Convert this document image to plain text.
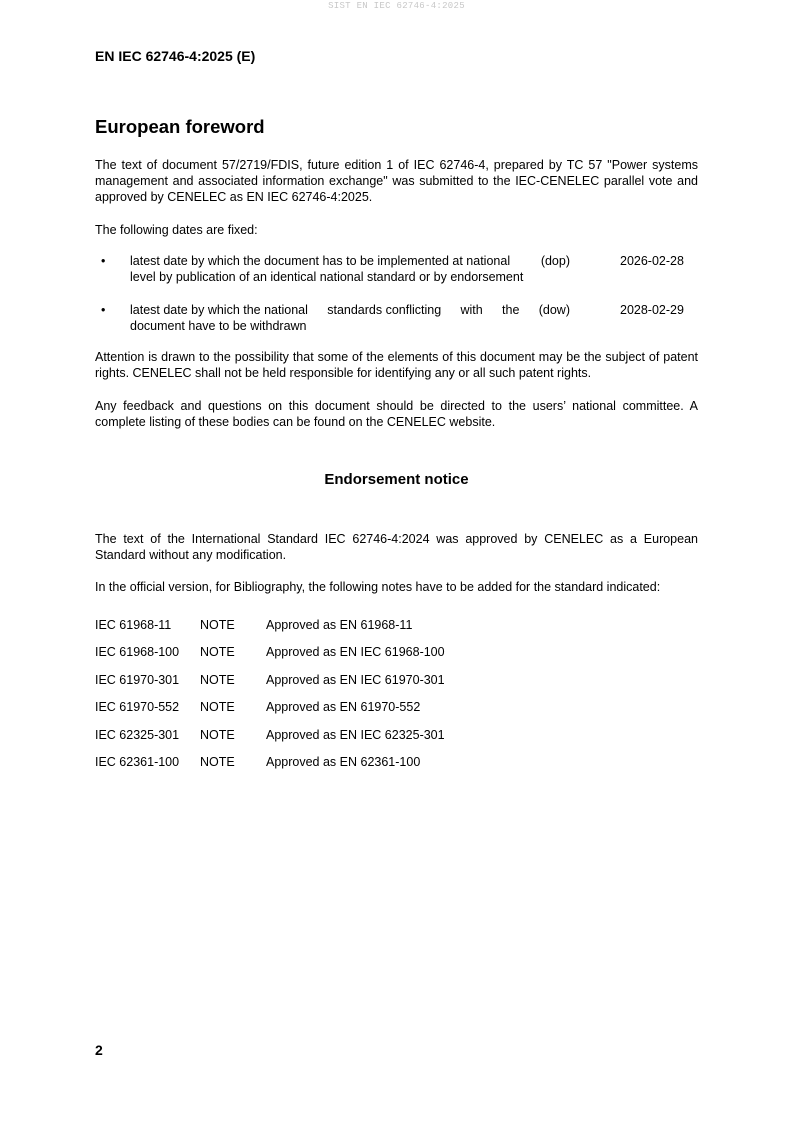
SIST EN IEC 62746-4:2025
EN IEC 62746-4:2025 (E)
European foreword
The text of document 57/2719/FDIS, future edition 1 of IEC 62746-4, prepared by TC 57 "Power systems management and associated information exchange" was submitted to the IEC-CENELEC parallel vote and approved by CENELEC as EN IEC 62746-4:2025.
The following dates are fixed:
• latest date by which the document has to be implemented at national (dop)
level by publication of an identical national standard or by endorsement
2026-02-28
• latest date by which the national standards conflicting with the (dow)
document have to be withdrawn
2028-02-29
Attention is drawn to the possibility that some of the elements of this document may be the subject of patent rights. CENELEC shall not be held responsible for identifying any or all such patent rights.
Any feedback and questions on this document should be directed to the users’ national committee. A complete listing of these bodies can be found on the CENELEC website.
Endorsement notice
The text of the International Standard IEC 62746-4:2024 was approved by CENELEC as a European Standard without any modification.
In the official version, for Bibliography, the following notes have to be added for the standard indicated:
IEC 61968-11 NOTE	Approved as EN 61968-11
IEC 61968-100 NOTE	Approved as EN IEC 61968-100
IEC 61970-301 NOTE	Approved as EN IEC 61970-301
IEC 61970-552 NOTE	Approved as EN 61970-552
IEC 62325-301 NOTE	Approved as EN IEC 62325-301
IEC 62361-100 NOTE	Approved as EN 62361-100
2
